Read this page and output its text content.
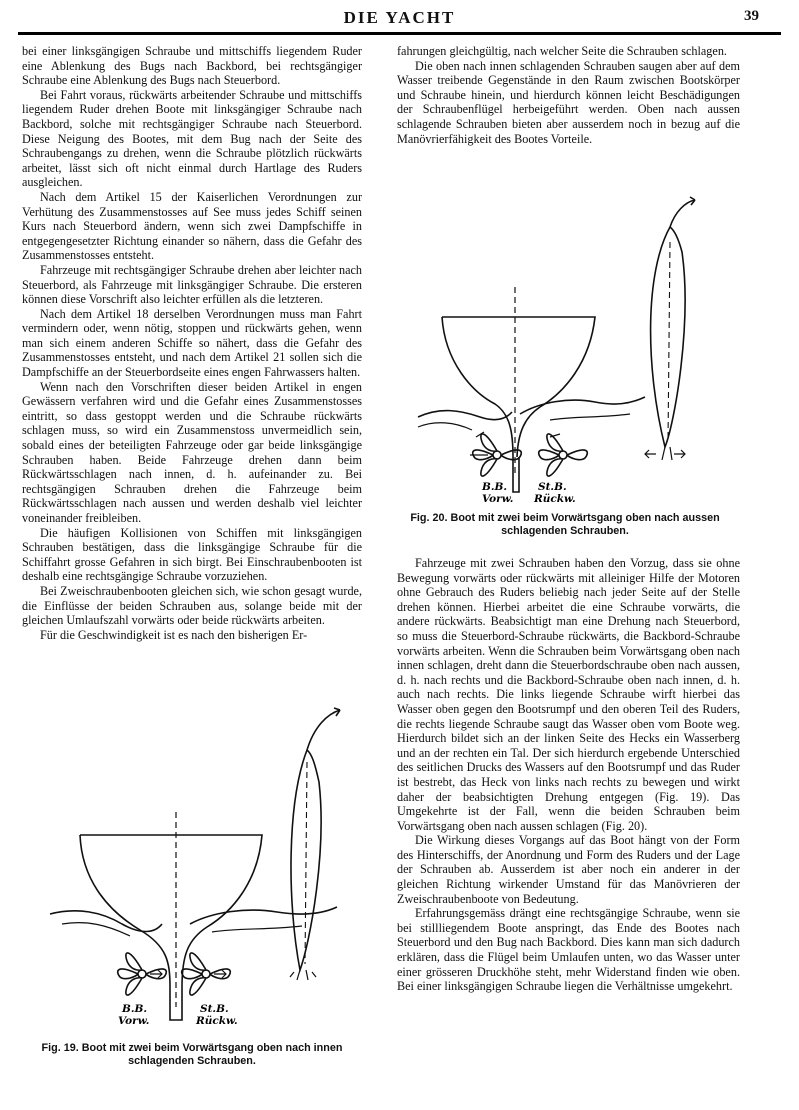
DIE YACHT	39

bei einer linksgängigen Schraube und mittschiffs liegendem Ruder eine Ablenkung des Bugs nach Backbord, bei rechtsgängiger Schraube eine Ablenkung des Bugs nach Steuerbord.

Bei Fahrt voraus, rückwärts arbeitender Schraube und mittschiffs liegendem Ruder drehen Boote mit linksgängiger Schraube nach Backbord, solche mit rechtsgängiger Schraube nach Steuerbord. Diese Neigung des Bootes, mit dem Bug nach der Seite des Schraubengangs zu drehen, wenn die Schraube plötzlich rückwärts arbeitet, lässt sich oft nicht einmal durch Hartlage des Ruders ausgleichen.

Nach dem Artikel 15 der Kaiserlichen Verordnungen zur Verhütung des Zusammenstosses auf See muss jedes Schiff seinen Kurs nach Steuerbord ändern, wenn sich zwei Dampfschiffe in entgegengesetzter Richtung einander so nähern, dass die Gefahr des Zusammenstosses entsteht.

Fahrzeuge mit rechtsgängiger Schraube drehen aber leichter nach Steuerbord, als Fahrzeuge mit linksgängiger Schraube. Die ersteren können diese Vorschrift also leichter erfüllen als die letzteren.

Nach dem Artikel 18 derselben Verordnungen muss man Fahrt vermindern oder, wenn nötig, stoppen und rückwärts gehen, wenn man sich einem anderen Schiffe so nähert, dass die Gefahr des Zusammenstosses entsteht, und nach dem Artikel 21 sollen sich die Dampfschiffe an der Steuerbordseite eines engen Fahrwassers halten.

Wenn nach den Vorschriften dieser beiden Artikel in engen Gewässern verfahren wird und die Gefahr eines Zusammenstosses eintritt, so dass gestoppt werden und die Schraube rückwärts schlagen muss, so wird ein Zusammenstoss unvermeidlich sein, sobald eines der beteiligten Fahrzeuge oder gar beide linksgängige Schrauben haben. Beide Fahrzeuge drehen dann beim Rückwärtsschlagen nach innen, d. h. aufeinander zu. Bei rechtsgängigen Schrauben drehen die Fahrzeuge beim Rückwärtsschlagen nach aussen und werden deshalb viel leichter voneinander freibleiben.

Die häufigen Kollisionen von Schiffen mit linksgängigen Schrauben bestätigen, dass die linksgängige Schraube für die Schiffahrt grosse Gefahren in sich birgt. Bei Einschraubenbooten ist deshalb eine rechtsgängige Schraube vorzuziehen.

Bei Zweischraubenbooten gleichen sich, wie schon gesagt wurde, die Einflüsse der beiden Schrauben aus, solange beide mit der gleichen Umlaufszahl vorwärts oder beide rückwärts arbeiten.

Für die Geschwindigkeit ist es nach den bisherigen Er-

fahrungen gleichgültig, nach welcher Seite die Schrauben schlagen.

Die oben nach innen schlagenden Schrauben saugen aber auf dem Wasser treibende Gegenstände in den Raum zwischen Bootskörper und Schraube hinein, und hierdurch können leicht Beschädigungen der Schraubenflügel herbeigeführt werden. Oben nach aussen schlagende Schrauben bieten aber ausserdem noch in bezug auf die Manövrierfähigkeit des Bootes Vorteile.

B.B.
Vorw.
St.B.
Rückw.
Fig. 20. Boot mit zwei beim Vorwärtsgang oben nach aussen schlagenden Schrauben.

Fahrzeuge mit zwei Schrauben haben den Vorzug, dass sie ohne Bewegung vorwärts oder rückwärts mit alleiniger Hilfe der Motoren ohne Gebrauch des Ruders beliebig nach jeder Seite auf der Stelle drehen können. Hierbei arbeitet die eine Schraube vorwärts, die andere rückwärts. Beabsichtigt man eine Drehung nach Steuerbord, so muss die Steuerbord-Schraube rückwärts, die Backbord-Schraube vorwärts arbeiten. Wenn die Schrauben beim Vorwärtsgang oben nach innen schlagen, dreht dann die Steuerbordschraube oben nach aussen, d. h. nach rechts und die Backbord-Schraube oben nach innen, d. h. auch nach rechts. Die links liegende Schraube wirft hierbei das Wasser oben gegen den Bootsrumpf und den oberen Teil des Ruders, die rechts liegende Schraube saugt das Wasser oben vom Boote weg. Hierdurch bildet sich an der linken Seite des Hecks ein Wasserberg und an der rechten ein Tal. Der sich hierdurch ergebende Unterschied des seitlichen Drucks des Wassers auf den Bootsrumpf und das Ruder ist bestrebt, das Heck von links nach rechts zu bewegen und wirkt daher der beabsichtigten Drehung entgegen (Fig. 19). Das Umgekehrte ist der Fall, wenn die beiden Schrauben beim Vorwärtsgang oben nach aussen schlagen (Fig. 20).

Die Wirkung dieses Vorgangs auf das Boot hängt von der Form des Hinterschiffs, der Anordnung und Form des Ruders und der Lage der Schrauben ab. Ausserdem ist aber noch ein anderer in der gleichen Richtung wirkender Umstand für das Manövrieren der Zweischraubenboote von Bedeutung.

Erfahrungsgemäss drängt eine rechtsgängige Schraube, wenn sie bei stillliegendem Boote anspringt, das Ende des Bootes nach Steuerbord und den Bug nach Backbord. Dies kann man sich dadurch erklären, dass die Flügel beim Umlaufen unten, wo das Wasser unter einer grösseren Druckhöhe steht, mehr Widerstand finden wie oben. Bei einer linksgängigen Schraube liegen die Verhältnisse umgekehrt.

B.B.
Vorw.
St.B.
Rückw.
Fig. 19. Boot mit zwei beim Vorwärtsgang oben nach innen schlagenden Schrauben.
